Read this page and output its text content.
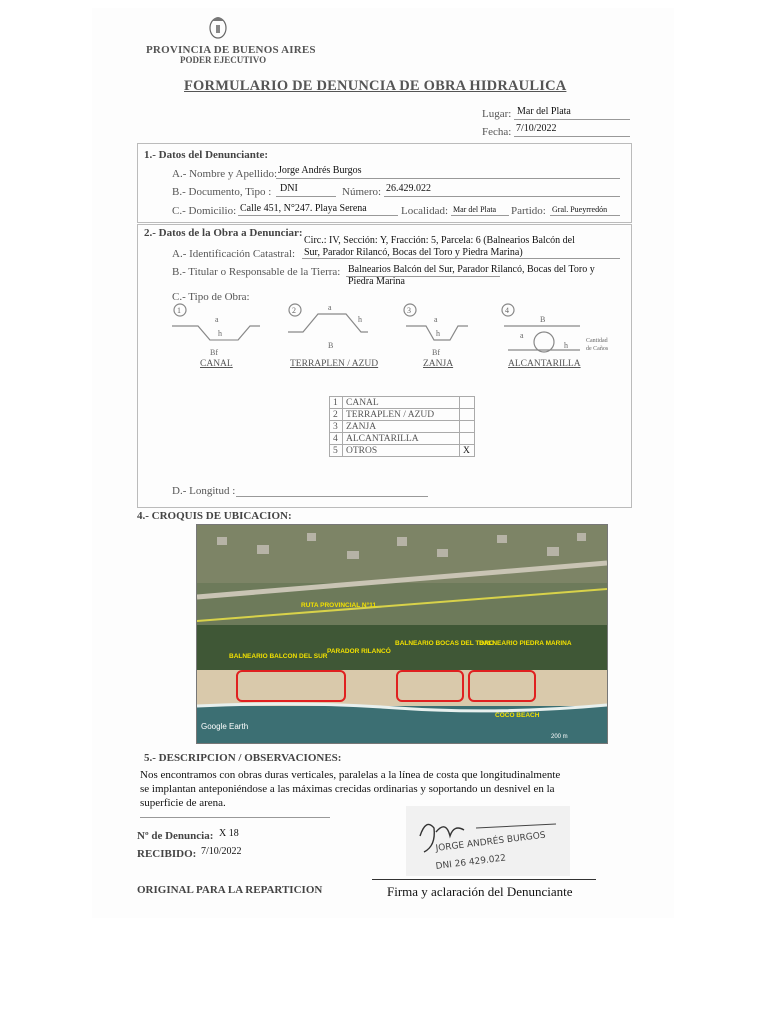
PROVINCIA DE BUENOS AIRES
PODER EJECUTIVO
FORMULARIO DE DENUNCIA DE OBRA HIDRAULICA
Lugar: Mar del Plata
Fecha: 7/10/2022
1.- Datos del Denunciante:
A.- Nombre y Apellido: Jorge Andrés Burgos
B.- Documento, Tipo : DNI	Número: 26.429.022
C.- Domicilio: Calle 451, N°247. Playa Serena	Localidad: Mar del Plata Partido: Gral. Pueyrredón
2.- Datos de la Obra a Denunciar:
A.- Identificación Catastral:
Circ.: IV, Sección: Y, Fracción: 5, Parcela: 6 (Balnearios Balcón del
Sur, Parador Rilancó, Bocas del Toro y Piedra Marina)
B.- Titular o Responsable de la Tierra: Balnearios Balcón del Sur, Parador Rilancó, Bocas del Toro y
Piedra Marina
C.- Tipo de Obra:
1	2	3	4
a
h
Bf
a
h
B
a
h
Bf
B
a
h	Cantidad
de Caños
CANAL	TERRAPLEN / AZUD	ZANJA	ALCANTARILLA
1	CANAL	
2	TERRAPLEN / AZUD	
3	ZANJA	
4	ALCANTARILLA	
5	OTROS	X
D.- Longitud :
4.- CROQUIS DE UBICACION:
RUTA PROVINCIAL N°11
BALNEARIO BALCON DEL SUR
PARADOR RILANCÓ
BALNEARIO BOCAS DEL TORO
BALNEARIO PIEDRA MARINA
COCO BEACH
Google Earth
200 m
5.- DESCRIPCION / OBSERVACIONES:
Nos encontramos con obras duras verticales, paralelas a la línea de costa que longitudinalmente
se implantan anteponiéndose a las máximas crecidas ordinarias y soportando un desnivel en la
superficie de arena.
Nº de Denuncia: X 18
RECIBIDO: 7/10/2022
ORIGINAL PARA LA REPARTICION
JORGE ANDRÉS BURGOS
DNI 26 429.022
Firma y aclaración del Denunciante
